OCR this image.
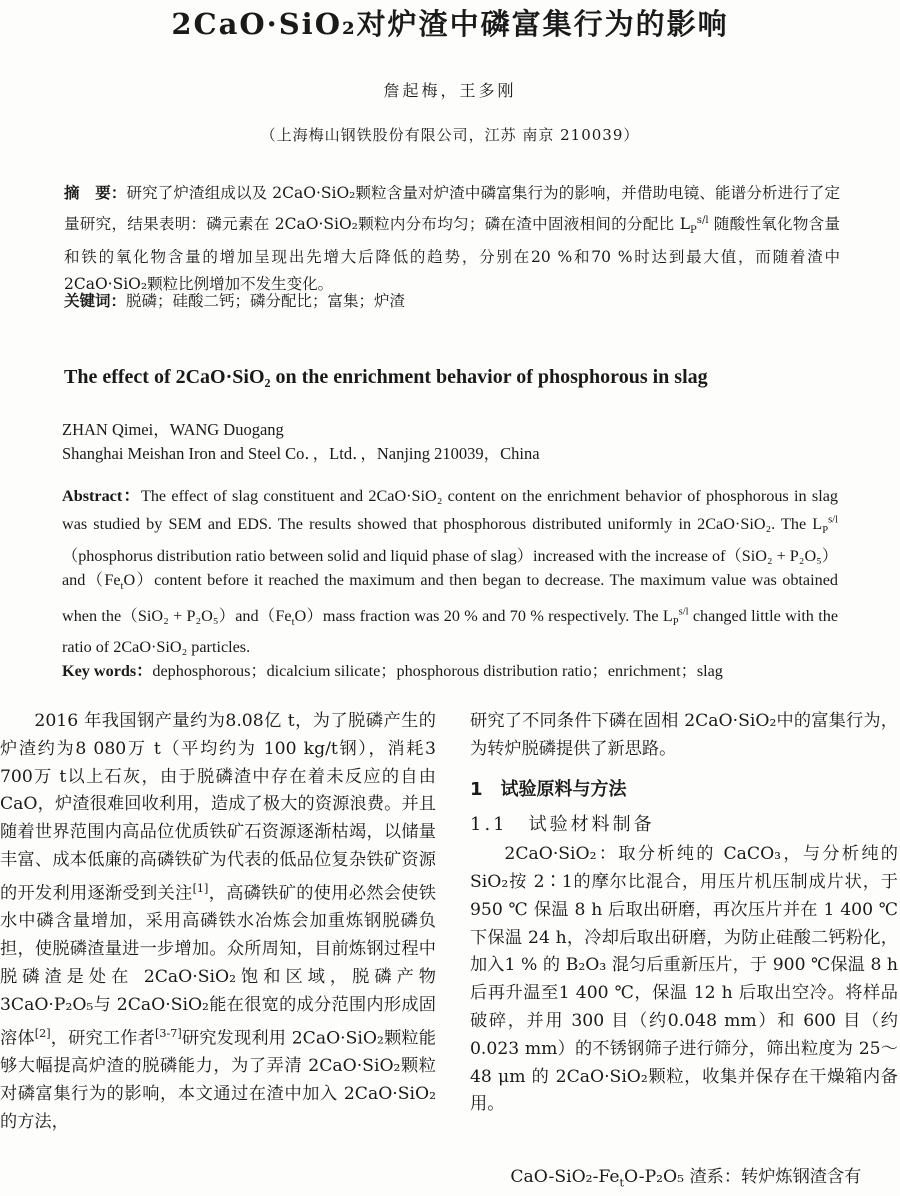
2CaO·SiO₂对炉渣中磷富集行为的影响
詹起梅，王多刚
（上海梅山钢铁股份有限公司，江苏 南京 210039）
摘　要：研究了炉渣组成以及 2CaO·SiO₂颗粒含量对炉渣中磷富集行为的影响，并借助电镜、能谱分析进行了定量研究，结果表明：磷元素在 2CaO·SiO₂颗粒内分布均匀；磷在渣中固液相间的分配比 $L_P^{s/l}$ 随酸性氧化物含量和铁的氧化物含量的增加呈现出先增大后降低的趋势，分别在20 %和70 %时达到最大值，而随着渣中 2CaO·SiO₂颗粒比例增加不发生变化。
关键词：脱磷；硅酸二钙；磷分配比；富集；炉渣
The effect of 2CaO·SiO₂ on the enrichment behavior of phosphorous in slag
ZHAN Qimei，WANG Duogang
Shanghai Meishan Iron and Steel Co．，Ltd．，Nanjing 210039，China
Abstract：The effect of slag constituent and 2CaO·SiO₂ content on the enrichment behavior of phosphorous in slag was studied by SEM and EDS. The results showed that phosphorous distributed uniformly in 2CaO·SiO₂. The $L_P^{s/l}(phosphorus$ distribution ratio between solid and liquid phase of slag）increased with the increase $of(SiO_2 + P_2O_5)and(Fe_tO)content$ before it reached the maximum and then began to decrease. The maximum value was obtained when $the(SiO_2 + P_2O_5)and(Fe_tO)mass$ fraction was 20 % and 70 % respectively. The $L_P^{s/l}$ changed little with the ratio of 2CaO·SiO₂ particles.
Key words：dephosphorous；dicalcium silicate；phosphorous distribution ratio；enrichment；slag
2016 年我国钢产量约为8.08亿 t，为了脱磷产生的炉渣约为8 080万 t（平均约为 100 kg/t钢），消耗3 700万 t以上石灰，由于脱磷渣中存在着未反应的自由 CaO，炉渣很难回收利用，造成了极大的资源浪费。并且随着世界范围内高品位优质铁矿石资源逐渐枯竭，以储量丰富、成本低廉的高磷铁矿为代表的低品位复杂铁矿资源的开发利用逐渐受到关注[1]，高磷铁矿的使用必然会使铁水中磷含量增加，采用高磷铁水冶炼会加重炼钢脱磷负担，使脱磷渣量进一步增加。众所周知，目前炼钢过程中脱磷渣是处在 2CaO·SiO₂饱和区域，脱磷产物 3CaO·P₂O₅与 2CaO·SiO₂能在很宽的成分范围内形成固溶体[2]，研究工作者[3-7]研究发现利用 2CaO·SiO₂颗粒能够大幅提高炉渣的脱磷能力，为了弄清 2CaO·SiO₂颗粒对磷富集行为的影响，本文通过在渣中加入 2CaO·SiO₂的方法，
研究了不同条件下磷在固相 2CaO·SiO₂中的富集行为，为转炉脱磷提供了新思路。
1　试验原料与方法
1.1　试验材料制备
2CaO·SiO₂：取分析纯的 CaCO₃，与分析纯的SiO₂按 2∶1的摩尔比混合，用压片机压制成片状，于 950 ℃ 保温 8 h 后取出研磨，再次压片并在 1 400 ℃下保温 24 h，冷却后取出研磨，为防止硅酸二钙粉化，加入1 % 的 B₂O₃ 混匀后重新压片，于 900 ℃保温 8 h 后再升温至1 400 ℃，保温 12 h 后取出空冷。将样品破碎，并用 300 目（约0.048 mm）和 600 目（约0.023 mm）的不锈钢筛子进行筛分，筛出粒度为 25～48 μm 的 2CaO·SiO₂颗粒，收集并保存在干燥箱内备用。
CaO-$SiO_2-Fe_tO$-P₂O₅ 渣系：转炉炼钢渣含有
